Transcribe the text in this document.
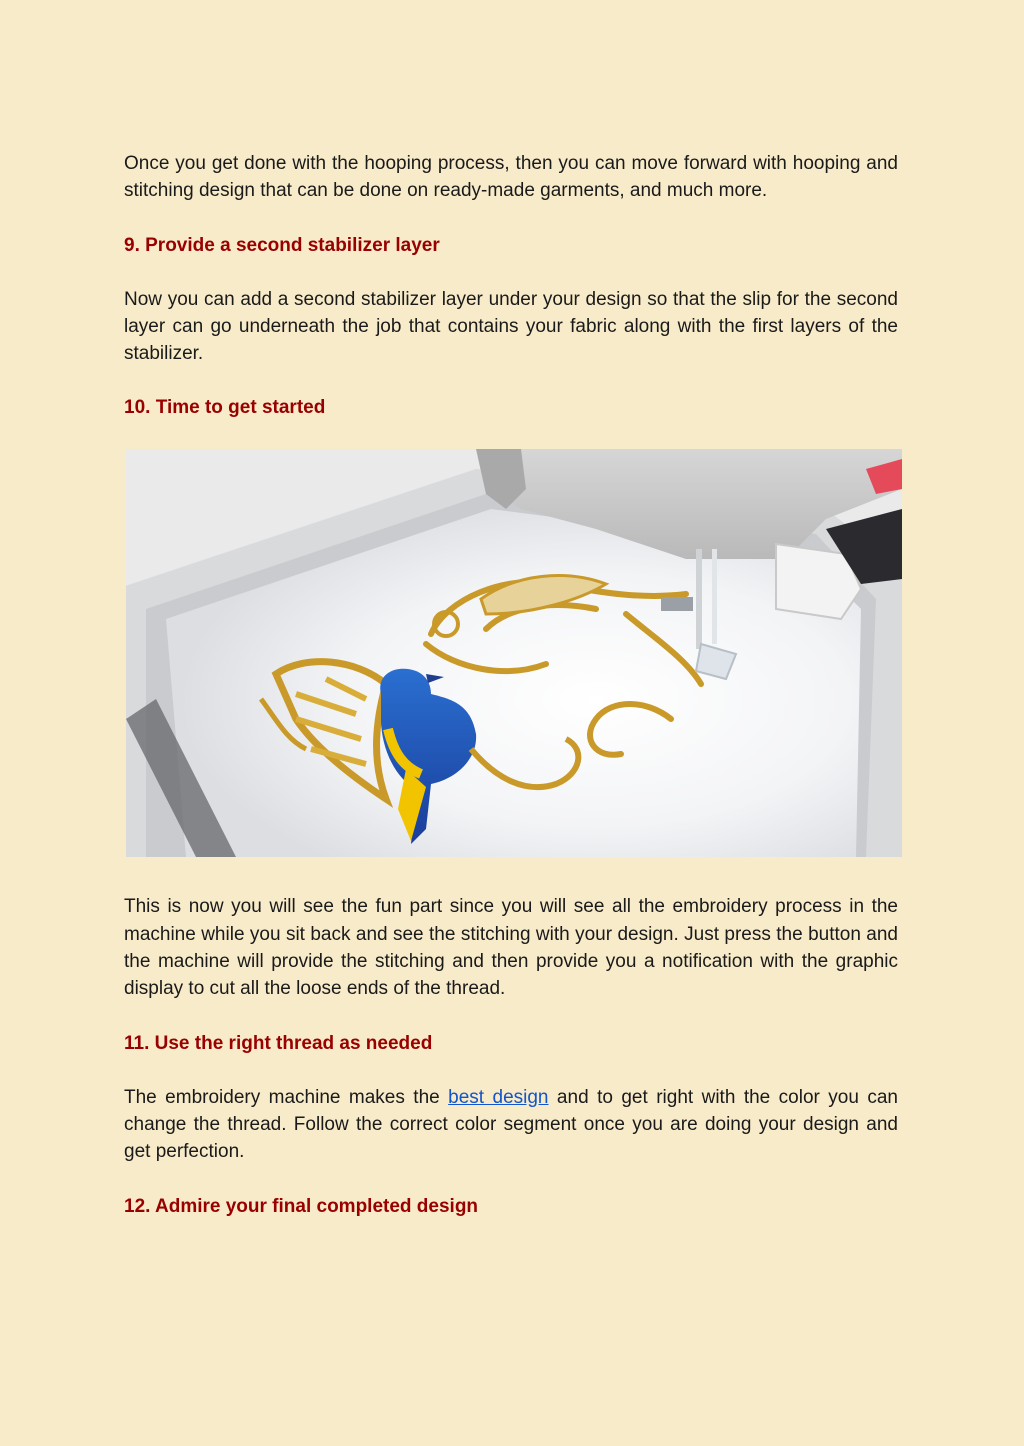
Once you get done with the hooping process, then you can move forward with hooping and stitching design that can be done on ready-made garments, and much more.

9. Provide a second stabilizer layer

Now you can add a second stabilizer layer under your design so that the slip for the second layer can go underneath the job that contains your fabric along with the first layers of the stabilizer.

10. Time to get started

This is now you will see the fun part since you will see all the embroidery process in the machine while you sit back and see the stitching with your design. Just press the button and the machine will provide the stitching and then provide you a notification with the graphic display to cut all the loose ends of the thread.

11. Use the right thread as needed

The embroidery machine makes the best design and to get right with the color you can change the thread. Follow the correct color segment once you are doing your design and get perfection.

12. Admire your final completed design
